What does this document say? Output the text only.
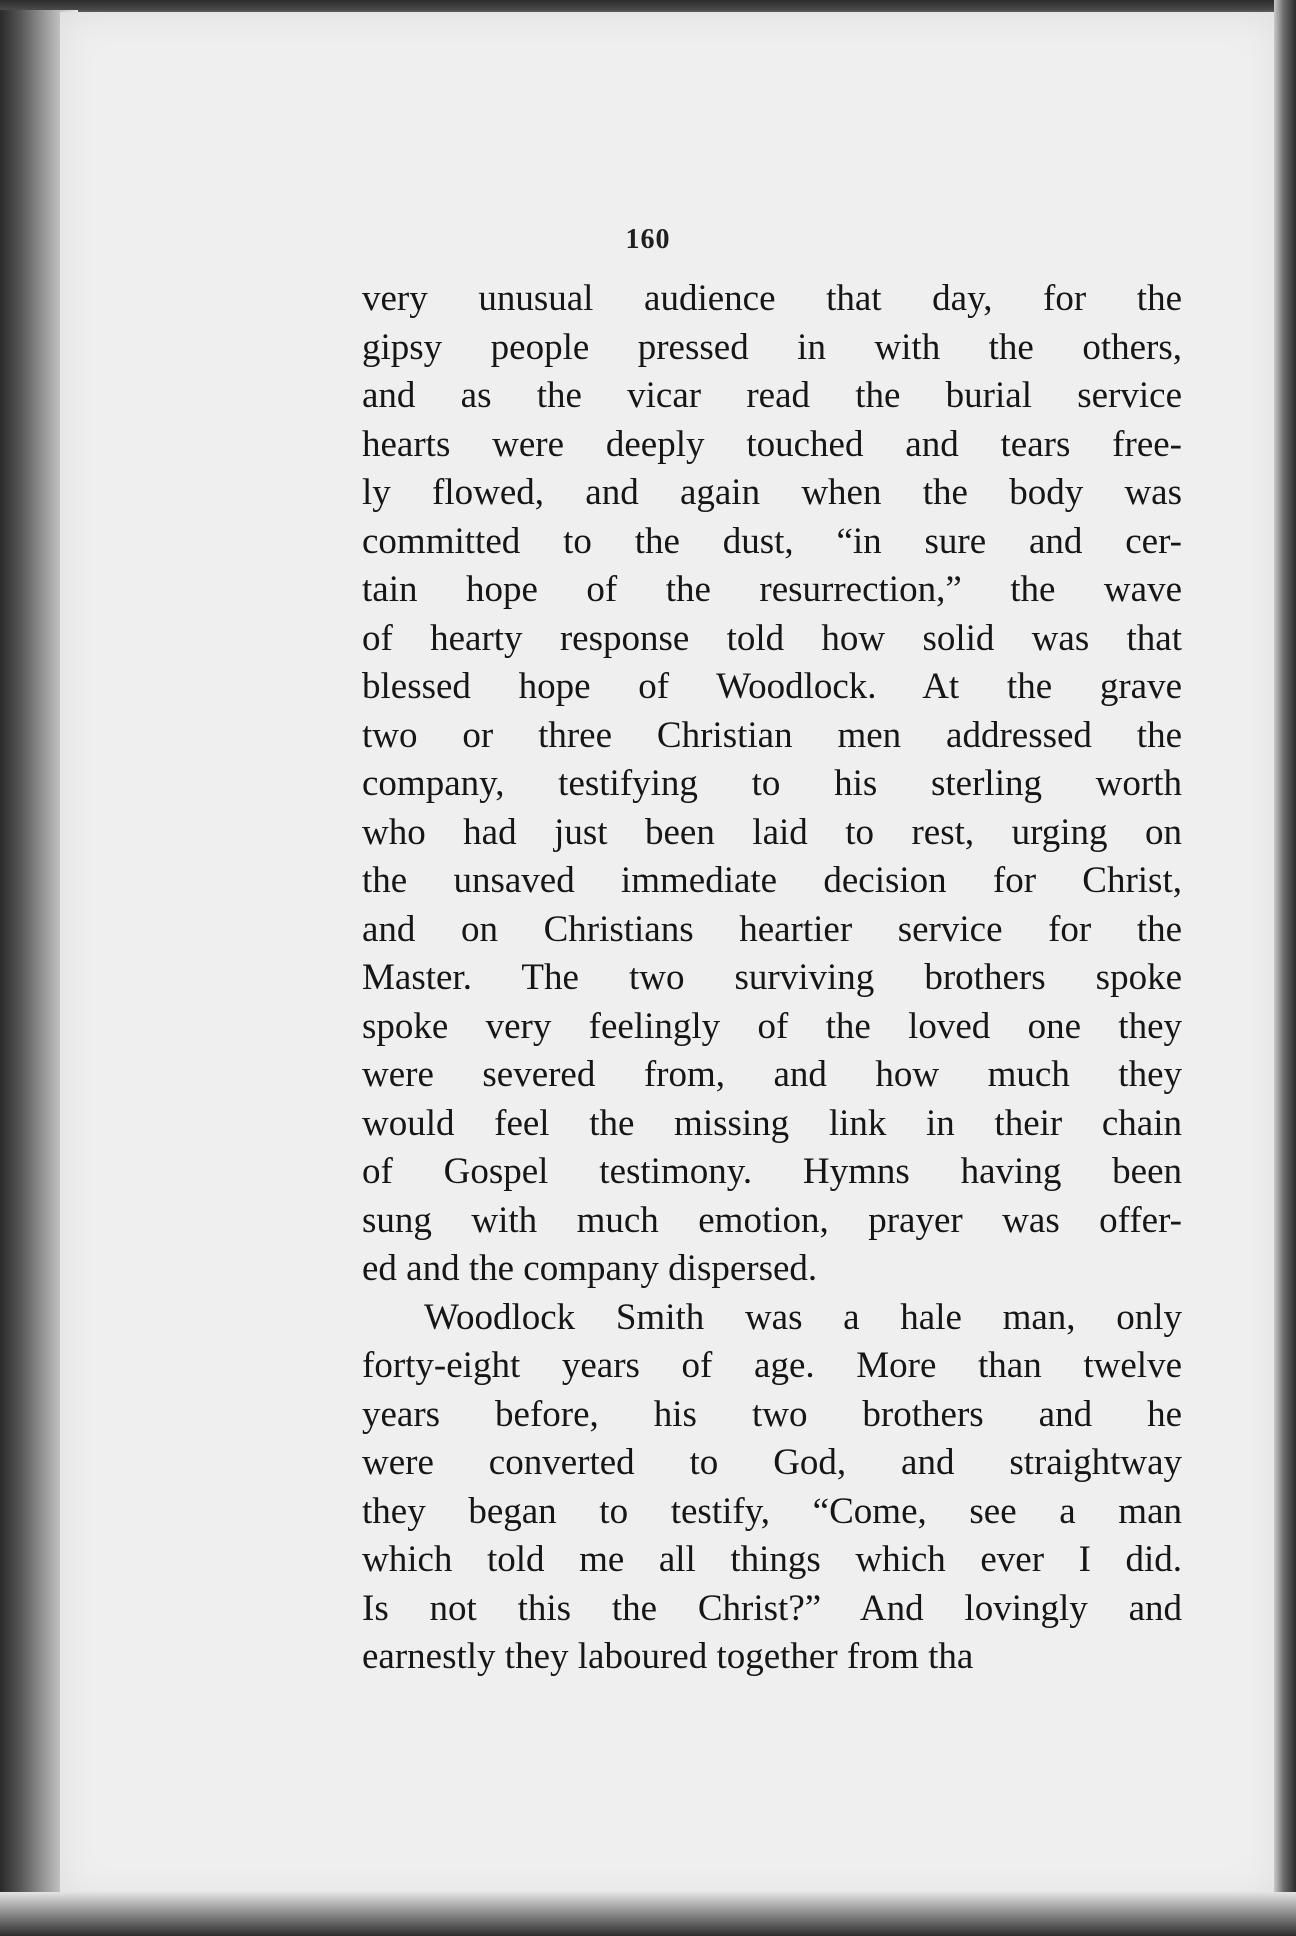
160
very unusual audience that day, for the
gipsy people pressed in with the others,
and as the vicar read the burial service
hearts were deeply touched and tears free-
ly flowed, and again when the body was
committed to the dust, “in sure and cer-
tain hope of the resurrection,” the wave
of hearty response told how solid was that
blessed hope of Woodlock. At the grave
two or three Christian men addressed the
company, testifying to his sterling worth
who had just been laid to rest, urging on
the unsaved immediate decision for Christ,
and on Christians heartier service for the
Master. The two surviving brothers spoke
spoke very feelingly of the loved one they
were severed from, and how much they
would feel the missing link in their chain
of Gospel testimony. Hymns having been
sung with much emotion, prayer was offer-
ed and the company dispersed.
Woodlock Smith was a hale man, only
forty-eight years of age. More than twelve
years before, his two brothers and he
were converted to God, and straightway
they began to testify, “Come, see a man
which told me all things which ever I did.
Is not this the Christ?” And lovingly and
earnestly they laboured together from tha
